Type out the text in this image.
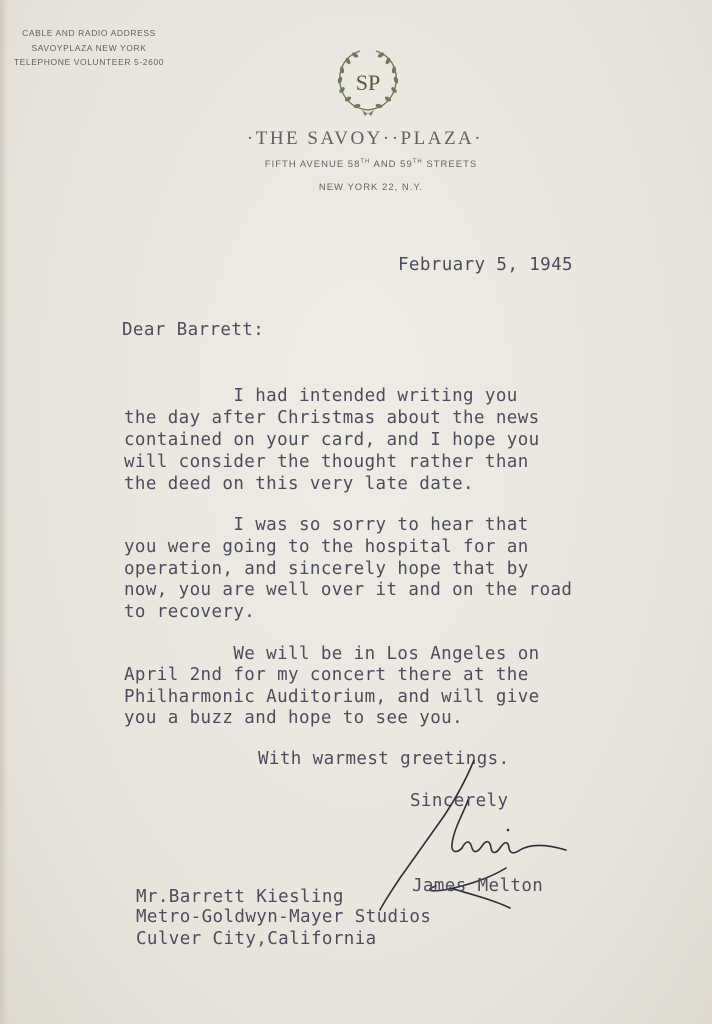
CABLE AND RADIO ADDRESS
SAVOYPLAZA NEW YORK
TELEPHONE VOLUNTEER 5-2600
SP
·THE SAVOY··PLAZA·
FIFTH AVENUE 58TH AND 59TH STREETS
NEW YORK 22, N.Y.
February 5, 1945
Dear Barrett:
I had intended writing you
the day after Christmas about the news
contained on your card, and I hope you
will consider the thought rather than
the deed on this very late date.
I was so sorry to hear that
you were going to the hospital for an
operation, and sincerely hope that by
now, you are well over it and on the road
to recovery.
We will be in Los Angeles on
April 2nd for my concert there at the
Philharmonic Auditorium, and will give
you a buzz and hope to see you.
With warmest greetings.
Sincerely
James Melton
Mr.Barrett Kiesling
Metro-Goldwyn-Mayer Studios
Culver City,California
